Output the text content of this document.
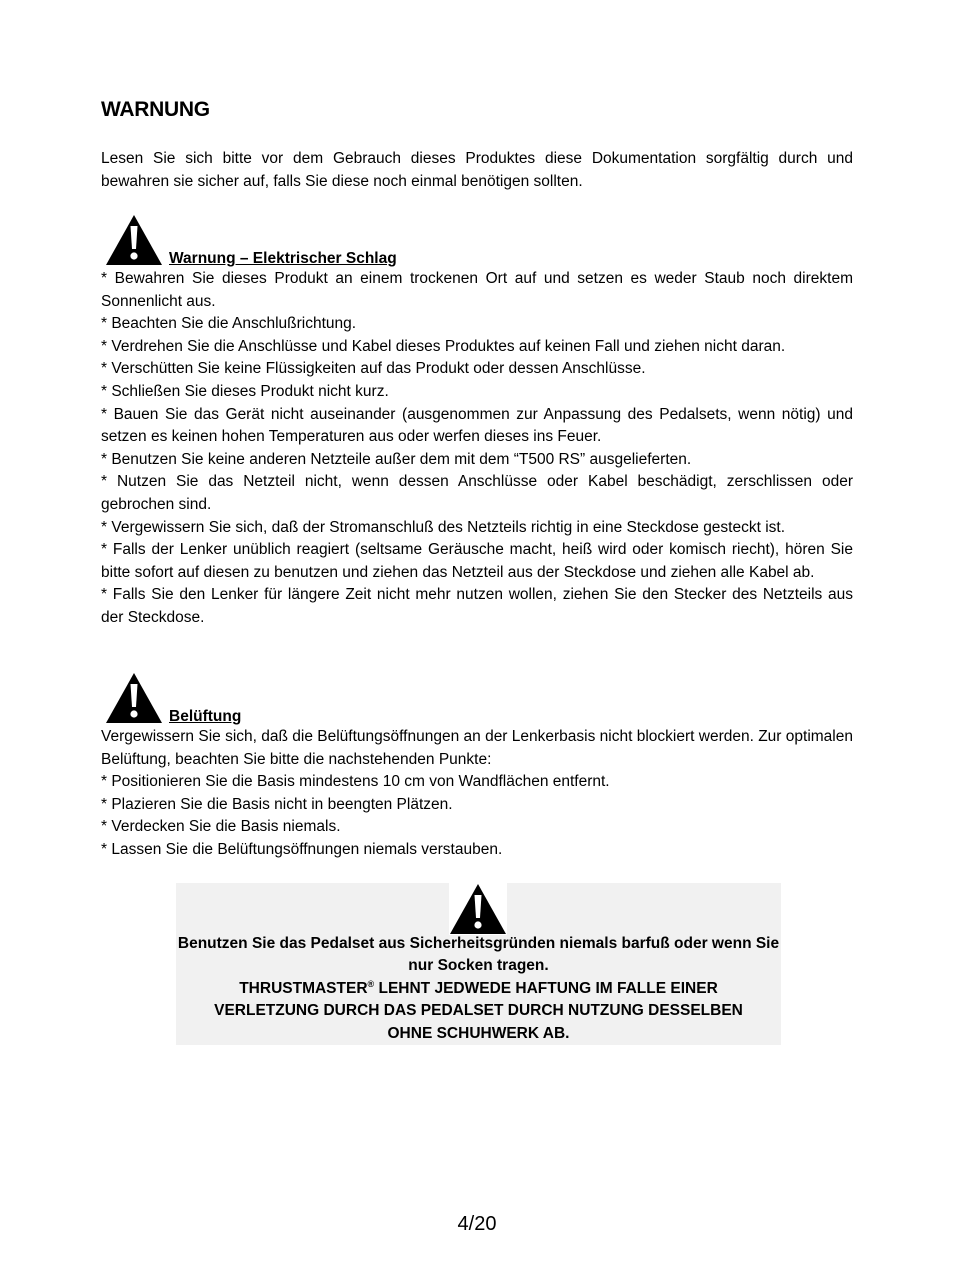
WARNUNG

Lesen Sie sich bitte vor dem Gebrauch dieses Produktes diese Dokumentation sorgfältig durch und bewahren sie sicher auf, falls Sie diese noch einmal benötigen sollten.

Warnung – Elektrischer Schlag

* Bewahren Sie dieses Produkt an einem trockenen Ort auf und setzen es weder Staub noch direktem Sonnenlicht aus.

* Beachten Sie die Anschlußrichtung.

* Verdrehen Sie die Anschlüsse und Kabel dieses Produktes auf keinen Fall und ziehen nicht daran.

* Verschütten Sie keine Flüssigkeiten auf das Produkt oder dessen Anschlüsse.

* Schließen Sie dieses Produkt nicht kurz.

* Bauen Sie das Gerät nicht auseinander (ausgenommen zur Anpassung des Pedalsets, wenn nötig) und setzen es keinen hohen Temperaturen aus oder werfen dieses ins Feuer.

* Benutzen Sie keine anderen Netzteile außer dem mit dem “T500 RS” ausgelieferten.

* Nutzen Sie das Netzteil nicht, wenn dessen Anschlüsse oder Kabel beschädigt, zerschlissen oder gebrochen sind.

* Vergewissern Sie sich, daß der Stromanschluß des Netzteils richtig in eine Steckdose gesteckt ist.

* Falls der Lenker unüblich reagiert (seltsame Geräusche macht, heiß wird oder komisch riecht), hören Sie bitte sofort auf diesen zu benutzen und ziehen das Netzteil aus der Steckdose und ziehen alle Kabel ab.

* Falls Sie den Lenker für längere Zeit nicht mehr nutzen wollen, ziehen Sie den Stecker des Netzteils aus der Steckdose.

Belüftung

Vergewissern Sie sich, daß die Belüftungsöffnungen an der Lenkerbasis nicht blockiert werden. Zur optimalen Belüftung, beachten Sie bitte die nachstehenden Punkte:

* Positionieren Sie die Basis mindestens 10 cm von Wandflächen entfernt.

* Plazieren Sie die Basis nicht in beengten Plätzen.

* Verdecken Sie die Basis niemals.

* Lassen Sie die Belüftungsöffnungen niemals verstauben.

Benutzen Sie das Pedalset aus Sicherheitsgründen niemals barfuß oder wenn Sie nur Socken tragen.

THRUSTMASTER® LEHNT JEDWEDE HAFTUNG IM FALLE EINER

VERLETZUNG DURCH DAS PEDALSET DURCH NUTZUNG DESSELBEN

OHNE SCHUHWERK AB.

4/20
